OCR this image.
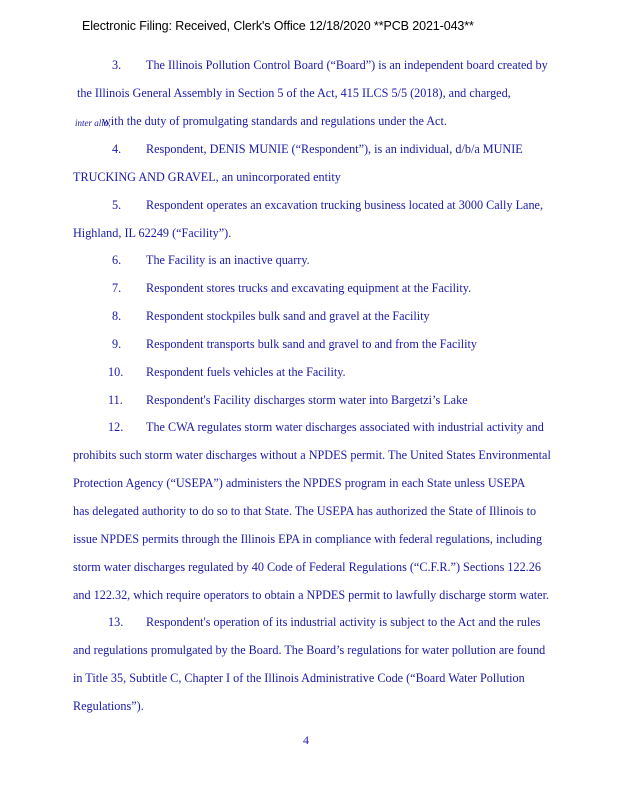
Electronic Filing: Received, Clerk's Office 12/18/2020 **PCB 2021-043**
3. The Illinois Pollution Control Board (“Board”) is an independent board created by
the Illinois General Assembly in Section 5 of the Act, 415 ILCS 5/5 (2018), and charged,
inter alia,
with the duty of promulgating standards and regulations under the Act.
4. Respondent, DENIS MUNIE (“Respondent”), is an individual, d/b/a MUNIE
TRUCKING AND GRAVEL, an unincorporated entity
5. Respondent operates an excavation trucking business located at 3000 Cally Lane,
Highland, IL 62249 (“Facility”).
6. The Facility is an inactive quarry.
7. Respondent stores trucks and excavating equipment at the Facility.
8. Respondent stockpiles bulk sand and gravel at the Facility
9. Respondent transports bulk sand and gravel to and from the Facility
10. Respondent fuels vehicles at the Facility.
11. Respondent's Facility discharges storm water into Bargetzi’s Lake
12. The CWA regulates storm water discharges associated with industrial activity and
prohibits such storm water discharges without a NPDES permit. The United States Environmental
Protection Agency (“USEPA”) administers the NPDES program in each State unless USEPA
has delegated authority to do so to that State. The USEPA has authorized the State of Illinois to
issue NPDES permits through the Illinois EPA in compliance with federal regulations, including
storm water discharges regulated by 40 Code of Federal Regulations (“C.F.R.”) Sections 122.26
and 122.32, which require operators to obtain a NPDES permit to lawfully discharge storm water.
13. Respondent's operation of its industrial activity is subject to the Act and the rules
and regulations promulgated by the Board. The Board’s regulations for water pollution are found
in Title 35, Subtitle C, Chapter I of the Illinois Administrative Code (“Board Water Pollution
Regulations”).
4
